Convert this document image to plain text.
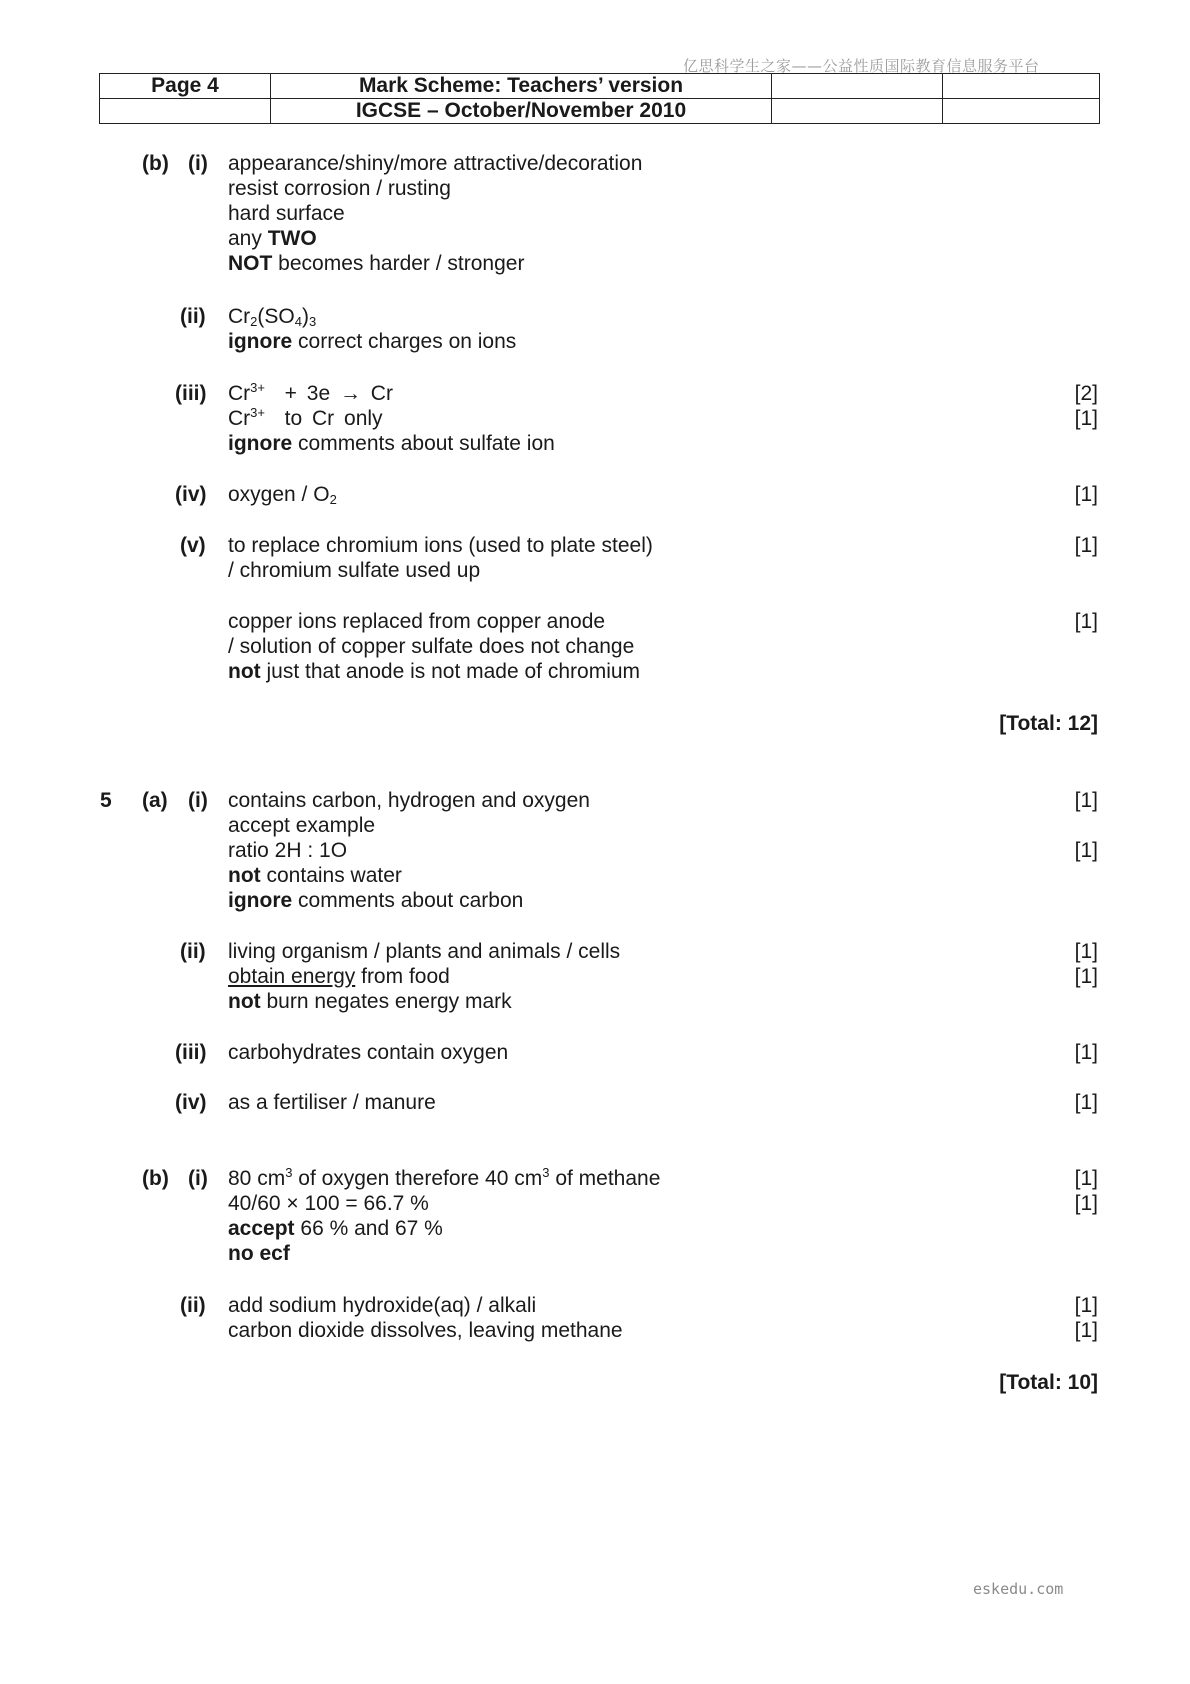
亿思科学生之家——公益性质国际教育信息服务平台
Page 4	Mark Scheme: Teachers’ version		
	IGCSE – October/November 2010		
(b) (i) appearance/shiny/more attractive/decoration
resist corrosion / rusting
hard surface
any TWO
NOT becomes harder / stronger
(ii) $Cr_2(SO_4)_3$
ignore correct charges on ions
(iii) $Cr^{3+} + 3e \to Cr$	[2]
$Cr^{3+}$ to Cr only	[1]
ignore comments about sulfate ion
(iv) oxygen / $O_2$	[1]
(v) to replace chromium ions (used to plate steel)	[1]
/ chromium sulfate used up
copper ions replaced from copper anode	[1]
/ solution of copper sulfate does not change
not just that anode is not made of chromium
[Total: 12]
5 (a) (i) contains carbon, hydrogen and oxygen	[1]
accept example
ratio 2H : 1O	[1]
not contains water
ignore comments about carbon
(ii) living organism / plants and animals / cells	[1]
obtain energy from food	[1]
not burn negates energy mark
(iii) carbohydrates contain oxygen	[1]
(iv) as a fertiliser / manure	[1]
(b) (i) 80 $cm^3$ of oxygen therefore 40 $cm^3$ of methane	[1]
40/60 × 100 = 66.7 %	[1]
accept 66 % and 67 %
no ecf
(ii) add sodium hydroxide(aq) / alkali	[1]
carbon dioxide dissolves, leaving methane	[1]
[Total: 10]
eskedu.com
